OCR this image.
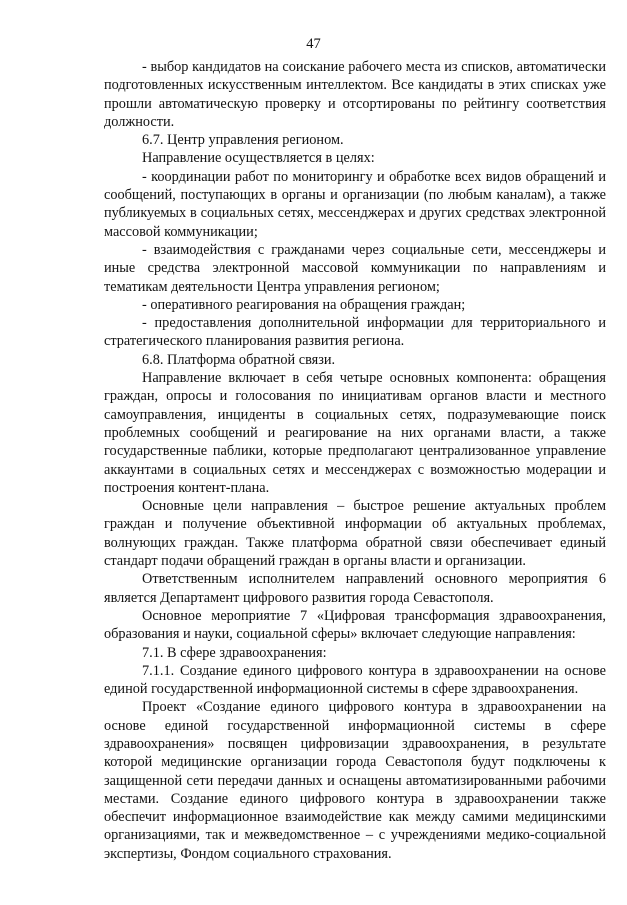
47

- выбор кандидатов на соискание рабочего места из списков, автоматически подготовленных искусственным интеллектом. Все кандидаты в этих списках уже прошли автоматическую проверку и отсортированы по рейтингу соответствия должности.

6.7. Центр управления регионом.

Направление осуществляется в целях:

- координации работ по мониторингу и обработке всех видов обращений и сообщений, поступающих в органы и организации (по любым каналам), а также публикуемых в социальных сетях, мессенджерах и других средствах электронной массовой коммуникации;

- взаимодействия с гражданами через социальные сети, мессенджеры и иные средства электронной массовой коммуникации по направлениям и тематикам деятельности Центра управления регионом;

- оперативного реагирования на обращения граждан;

- предоставления дополнительной информации для территориального и стратегического планирования развития региона.

6.8. Платформа обратной связи.

Направление включает в себя четыре основных компонента: обращения граждан, опросы и голосования по инициативам органов власти и местного самоуправления, инциденты в социальных сетях, подразумевающие поиск проблемных сообщений и реагирование на них органами власти, а также государственные паблики, которые предполагают централизованное управление аккаунтами в социальных сетях и мессенджерах с возможностью модерации и построения контент-плана.

Основные цели направления – быстрое решение актуальных проблем граждан и получение объективной информации об актуальных проблемах, волнующих граждан. Также платформа обратной связи обеспечивает единый стандарт подачи обращений граждан в органы власти и организации.

Ответственным исполнителем направлений основного мероприятия 6 является Департамент цифрового развития города Севастополя.

Основное мероприятие 7 «Цифровая трансформация здравоохранения, образования и науки, социальной сферы» включает следующие направления:

7.1. В сфере здравоохранения:

7.1.1. Создание единого цифрового контура в здравоохранении на основе единой государственной информационной системы в сфере здравоохранения.

Проект «Создание единого цифрового контура в здравоохранении на основе единой государственной информационной системы в сфере здравоохранения» посвящен цифровизации здравоохранения, в результате которой медицинские организации города Севастополя будут подключены к защищенной сети передачи данных и оснащены автоматизированными рабочими местами. Создание единого цифрового контура в здравоохранении также обеспечит информационное взаимодействие как между самими медицинскими организациями, так и межведомственное – с учреждениями медико-социальной экспертизы, Фондом социального страхования.
